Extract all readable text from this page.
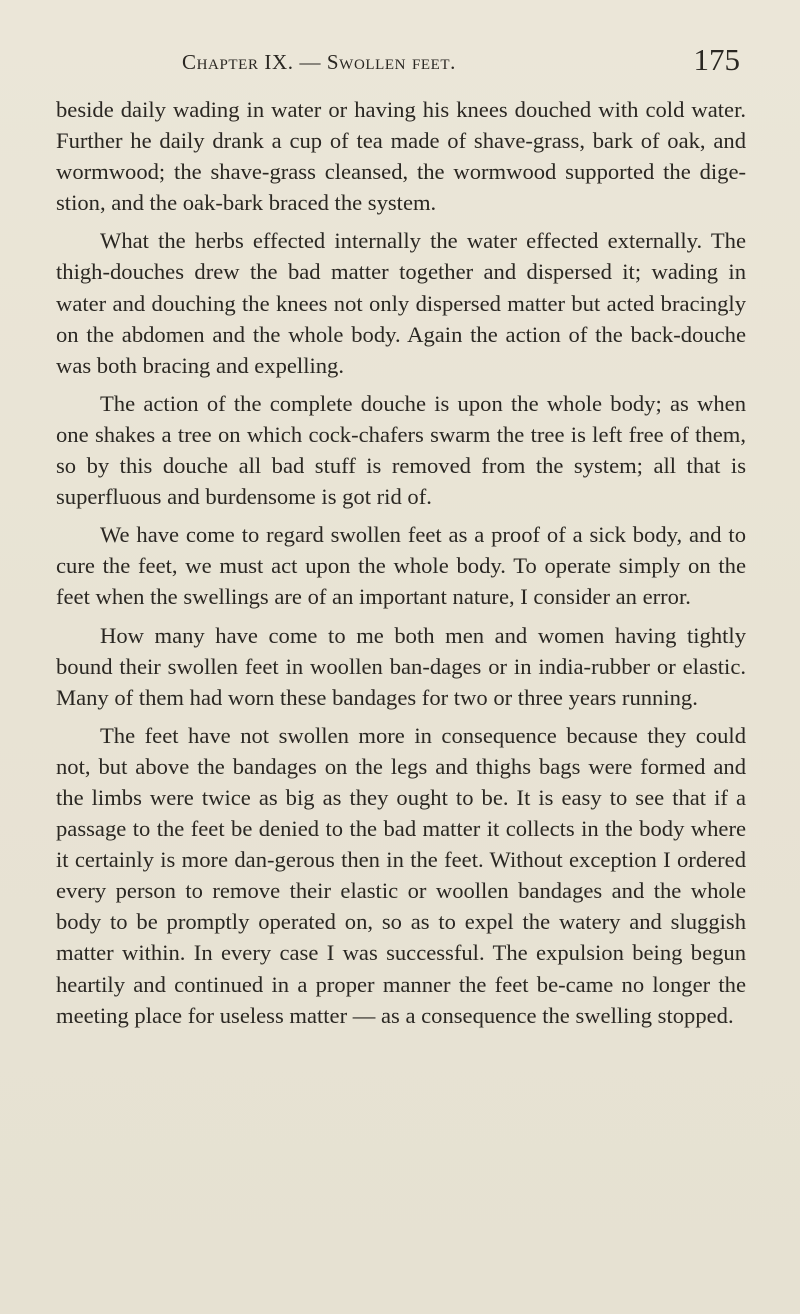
Chapter IX. — Swollen feet.	175

beside daily wading in water or having his knees douched with cold water. Further he daily drank a cup of tea made of shave-grass, bark of oak, and wormwood; the shave-grass cleansed, the wormwood supported the dige-stion, and the oak-bark braced the system.

What the herbs effected internally the water effected externally. The thigh-douches drew the bad matter together and dispersed it; wading in water and douching the knees not only dispersed matter but acted bracingly on the abdomen and the whole body. Again the action of the back-douche was both bracing and expelling.

The action of the complete douche is upon the whole body; as when one shakes a tree on which cock-chafers swarm the tree is left free of them, so by this douche all bad stuff is removed from the system; all that is superfluous and burdensome is got rid of.

We have come to regard swollen feet as a proof of a sick body, and to cure the feet, we must act upon the whole body. To operate simply on the feet when the swellings are of an important nature, I consider an error.

How many have come to me both men and women having tightly bound their swollen feet in woollen ban-dages or in india-rubber or elastic. Many of them had worn these bandages for two or three years running.

The feet have not swollen more in consequence because they could not, but above the bandages on the legs and thighs bags were formed and the limbs were twice as big as they ought to be. It is easy to see that if a passage to the feet be denied to the bad matter it collects in the body where it certainly is more dan-gerous then in the feet. Without exception I ordered every person to remove their elastic or woollen bandages and the whole body to be promptly operated on, so as to expel the watery and sluggish matter within. In every case I was successful. The expulsion being begun heartily and continued in a proper manner the feet be-came no longer the meeting place for useless matter — as a consequence the swelling stopped.
